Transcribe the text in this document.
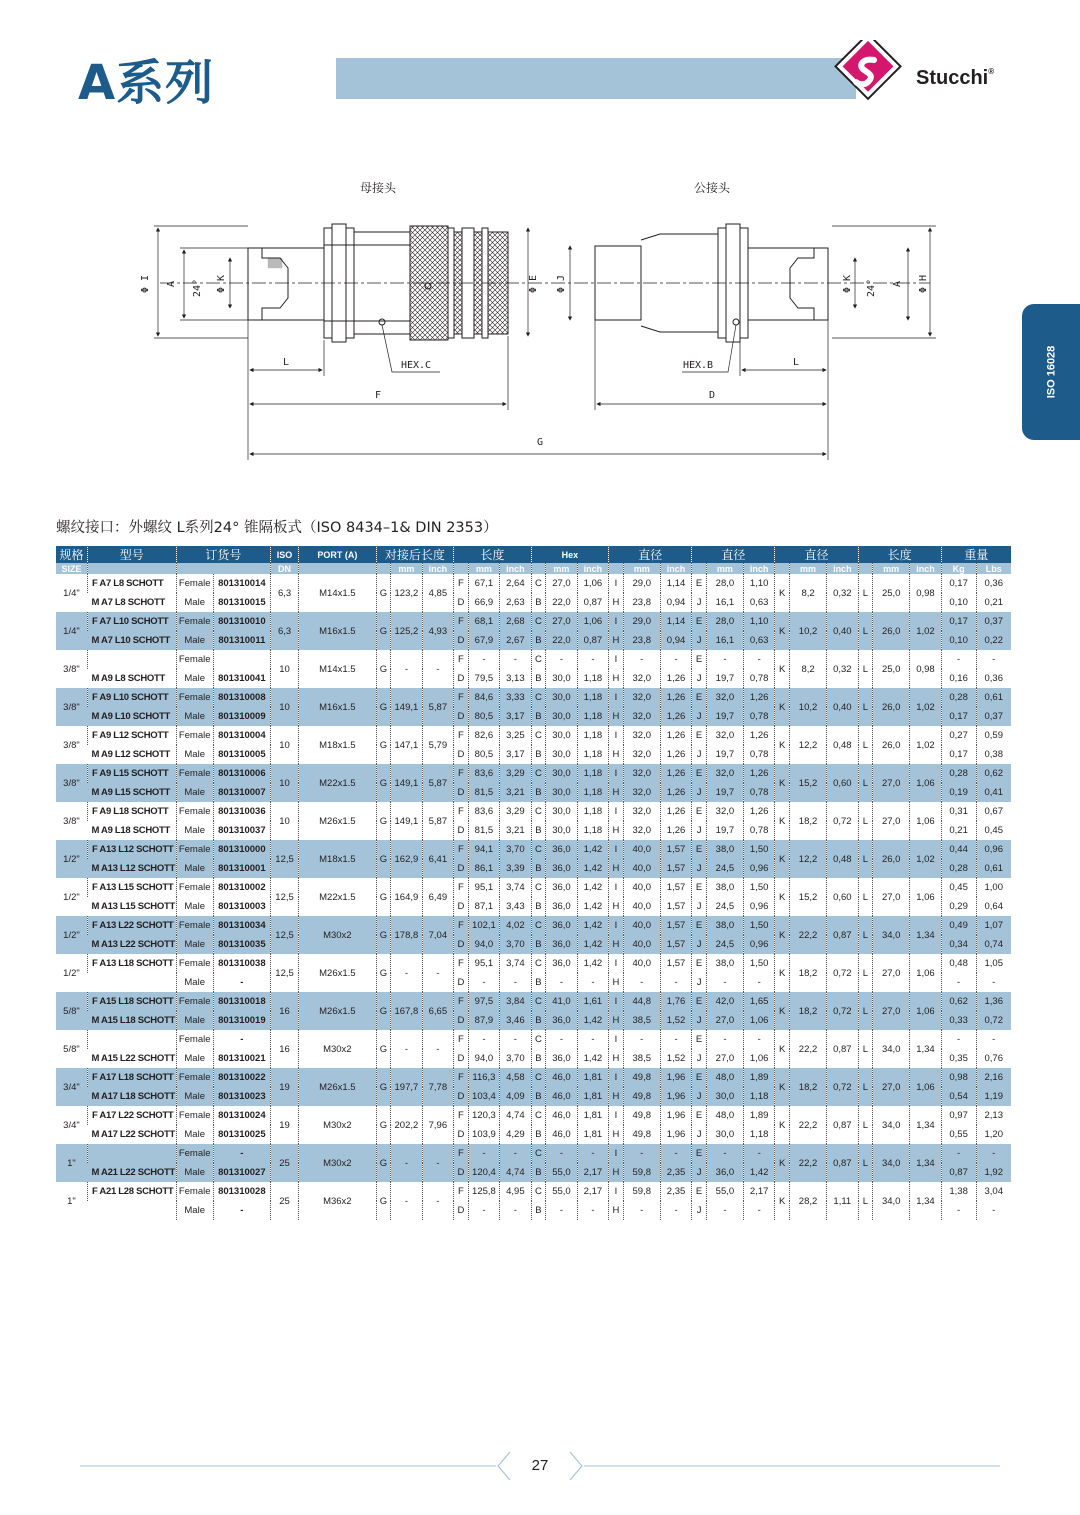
A系列	Stucchi®
ISO 16028
母接头	公接头
Φ I A 24° Φ K	Φ E Φ J	Φ K 24° A Φ H
L	L
F	D
G
HEX.C	HEX.B
螺纹接口：外螺纹 L系列24° 锥隔板式（ISO 8434–1& DIN 2353）
规格	型号	订货号		ISO	PORT (A)	对接后长度			长度			Hex			直径			直径			直径			长度			重量	
SIZE				DN			mm	inch		mm	inch		mm	inch		mm	inch		mm	inch		mm	inch		mm	inch	Kg	Lbs
1/4"	F A7 L8 SCHOTT	Female	801310014	6,3	M14x1.5	G	123,2	4,85	F	67,1	2,64	C	27,0	1,06	I	29,0	1,14	E	28,0	1,10	K	8,2	0,32	L	25,0	0,98	0,17	0,36
	M A7 L8 SCHOTT	Male	801310015						D	66,9	2,63	B	22,0	0,87	H	23,8	0,94	J	16,1	0,63							0,10	0,21
1/4"	F A7 L10 SCHOTT	Female	801310010	6,3	M16x1.5	G	125,2	4,93	F	68,1	2,68	C	27,0	1,06	I	29,0	1,14	E	28,0	1,10	K	10,2	0,40	L	26,0	1,02	0,17	0,37
	M A7 L10 SCHOTT	Male	801310011						D	67,9	2,67	B	22,0	0,87	H	23,8	0,94	J	16,1	0,63							0,10	0,22
3/8"		Female		10	M14x1.5	G	-	-	F	-	-	C	-	-	I	-	-	E	-	-	K	8,2	0,32	L	25,0	0,98	-	-
	M A9 L8 SCHOTT	Male	801310041						D	79,5	3,13	B	30,0	1,18	H	32,0	1,26	J	19,7	0,78							0,16	0,36
3/8"	F A9 L10 SCHOTT	Female	801310008	10	M16x1.5	G	149,1	5,87	F	84,6	3,33	C	30,0	1,18	I	32,0	1,26	E	32,0	1,26	K	10,2	0,40	L	26,0	1,02	0,28	0,61
	M A9 L10 SCHOTT	Male	801310009						D	80,5	3,17	B	30,0	1,18	H	32,0	1,26	J	19,7	0,78							0,17	0,37
3/8"	F A9 L12 SCHOTT	Female	801310004	10	M18x1.5	G	147,1	5,79	F	82,6	3,25	C	30,0	1,18	I	32,0	1,26	E	32,0	1,26	K	12,2	0,48	L	26,0	1,02	0,27	0,59
	M A9 L12 SCHOTT	Male	801310005						D	80,5	3,17	B	30,0	1,18	H	32,0	1,26	J	19,7	0,78							0,17	0,38
3/8"	F A9 L15 SCHOTT	Female	801310006	10	M22x1.5	G	149,1	5,87	F	83,6	3,29	C	30,0	1,18	I	32,0	1,26	E	32,0	1,26	K	15,2	0,60	L	27,0	1,06	0,28	0,62
	M A9 L15 SCHOTT	Male	801310007						D	81,5	3,21	B	30,0	1,18	H	32,0	1,26	J	19,7	0,78							0,19	0,41
3/8"	F A9 L18 SCHOTT	Female	801310036	10	M26x1.5	G	149,1	5,87	F	83,6	3,29	C	30,0	1,18	I	32,0	1,26	E	32,0	1,26	K	18,2	0,72	L	27,0	1,06	0,31	0,67
	M A9 L18 SCHOTT	Male	801310037						D	81,5	3,21	B	30,0	1,18	H	32,0	1,26	J	19,7	0,78							0,21	0,45
1/2"	F A13 L12 SCHOTT	Female	801310000	12,5	M18x1.5	G	162,9	6,41	F	94,1	3,70	C	36,0	1,42	I	40,0	1,57	E	38,0	1,50	K	12,2	0,48	L	26,0	1,02	0,44	0,96
	M A13 L12 SCHOTT	Male	801310001						D	86,1	3,39	B	36,0	1,42	H	40,0	1,57	J	24,5	0,96							0,28	0,61
1/2"	F A13 L15 SCHOTT	Female	801310002	12,5	M22x1.5	G	164,9	6,49	F	95,1	3,74	C	36,0	1,42	I	40,0	1,57	E	38,0	1,50	K	15,2	0,60	L	27,0	1,06	0,45	1,00
	M A13 L15 SCHOTT	Male	801310003						D	87,1	3,43	B	36,0	1,42	H	40,0	1,57	J	24,5	0,96							0,29	0,64
1/2"	F A13 L22 SCHOTT	Female	801310034	12,5	M30x2	G	178,8	7,04	F	102,1	4,02	C	36,0	1,42	I	40,0	1,57	E	38,0	1,50	K	22,2	0,87	L	34,0	1,34	0,49	1,07
	M A13 L22 SCHOTT	Male	801310035						D	94,0	3,70	B	36,0	1,42	H	40,0	1,57	J	24,5	0,96							0,34	0,74
1/2"	F A13 L18 SCHOTT	Female	801310038	12,5	M26x1.5	G	-	-	F	95,1	3,74	C	36,0	1,42	I	40,0	1,57	E	38,0	1,50	K	18,2	0,72	L	27,0	1,06	0,48	1,05
		Male	-						D	-	-	B	-	-	H	-	-	J	-	-							-	-
5/8"	F A15 L18 SCHOTT	Female	801310018	16	M26x1.5	G	167,8	6,65	F	97,5	3,84	C	41,0	1,61	I	44,8	1,76	E	42,0	1,65	K	18,2	0,72	L	27,0	1,06	0,62	1,36
	M A15 L18 SCHOTT	Male	801310019						D	87,9	3,46	B	36,0	1,42	H	38,5	1,52	J	27,0	1,06							0,33	0,72
5/8"		Female	-	16	M30x2	G	-	-	F	-	-	C	-	-	I	-	-	E	-	-	K	22,2	0,87	L	34,0	1,34	-	-
	M A15 L22 SCHOTT	Male	801310021						D	94,0	3,70	B	36,0	1,42	H	38,5	1,52	J	27,0	1,06							0,35	0,76
3/4"	F A17 L18 SCHOTT	Female	801310022	19	M26x1.5	G	197,7	7,78	F	116,3	4,58	C	46,0	1,81	I	49,8	1,96	E	48,0	1,89	K	18,2	0,72	L	27,0	1,06	0,98	2,16
	M A17 L18 SCHOTT	Male	801310023						D	103,4	4,09	B	46,0	1,81	H	49,8	1,96	J	30,0	1,18							0,54	1,19
3/4"	F A17 L22 SCHOTT	Female	801310024	19	M30x2	G	202,2	7,96	F	120,3	4,74	C	46,0	1,81	I	49,8	1,96	E	48,0	1,89	K	22,2	0,87	L	34,0	1,34	0,97	2,13
	M A17 L22 SCHOTT	Male	801310025						D	103,9	4,29	B	46,0	1,81	H	49,8	1,96	J	30,0	1,18							0,55	1,20
1"		Female	-	25	M30x2	G	-	-	F	-	-	C	-	-	I	-	-	E	-	-	K	22,2	0,87	L	34,0	1,34	-	-
	M A21 L22 SCHOTT	Male	801310027						D	120,4	4,74	B	55,0	2,17	H	59,8	2,35	J	36,0	1,42							0,87	1,92
1"	F A21 L28 SCHOTT	Female	801310028	25	M36x2	G	-	-	F	125,8	4,95	C	55,0	2,17	I	59,8	2,35	E	55,0	2,17	K	28,2	1,11	L	34,0	1,34	1,38	3,04
		Male	-						D	-	-	B	-	-	H	-	-	J	-	-							-	-
27
